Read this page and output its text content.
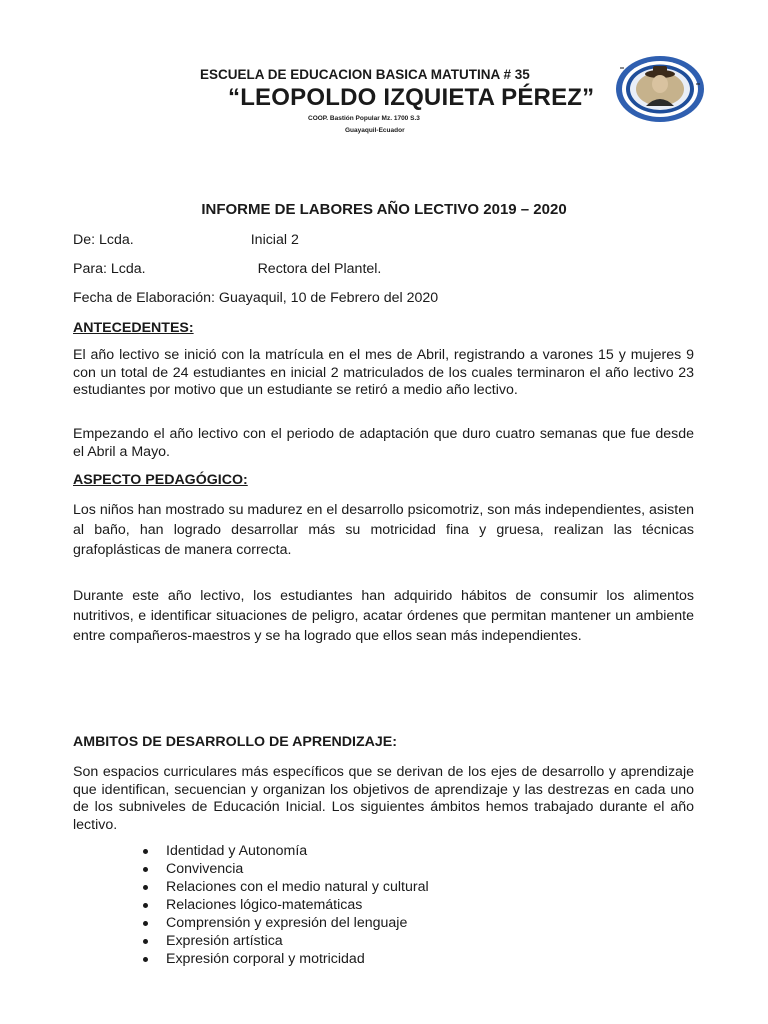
ESCUELA DE EDUCACION BASICA MATUTINA # 35
“LEOPOLDO IZQUIETA PÉREZ”
COOP. Bastión Popular Mz. 1700 S.3
Guayaquil-Ecuador
INFORME DE LABORES AÑO LECTIVO 2019 – 2020
De: Lcda.	Inicial 2
Para: Lcda.	Rectora del Plantel.
Fecha de Elaboración: Guayaquil, 10 de Febrero del 2020
ANTECEDENTES:
El año lectivo se inició con la matrícula en el mes de Abril, registrando a varones 15 y mujeres 9 con un total de 24 estudiantes en inicial 2 matriculados de los cuales terminaron el año lectivo 23 estudiantes por motivo que un estudiante se retiró a medio año lectivo.
Empezando el año lectivo con el periodo de adaptación que duro cuatro semanas que fue desde el Abril a Mayo.
ASPECTO PEDAGÓGICO:
Los niños han mostrado su madurez en el desarrollo psicomotriz, son más independientes, asisten al baño, han logrado desarrollar más su motricidad fina y gruesa, realizan las técnicas grafoplásticas de manera correcta.
Durante este año lectivo, los estudiantes han adquirido hábitos de consumir los alimentos nutritivos, e identificar situaciones de peligro, acatar órdenes que permitan mantener un ambiente entre compañeros-maestros y se ha logrado que ellos sean más independientes.
AMBITOS DE DESARROLLO DE APRENDIZAJE:
Son espacios curriculares más específicos que se derivan de los ejes de desarrollo y aprendizaje que identifican, secuencian y organizan los objetivos de aprendizaje y las destrezas en cada uno de los subniveles de Educación Inicial. Los siguientes ámbitos hemos trabajado durante el año lectivo.
Identidad y Autonomía
Convivencia
Relaciones con el medio natural y cultural
Relaciones lógico-matemáticas
Comprensión y expresión del lenguaje
Expresión artística
Expresión corporal y motricidad
